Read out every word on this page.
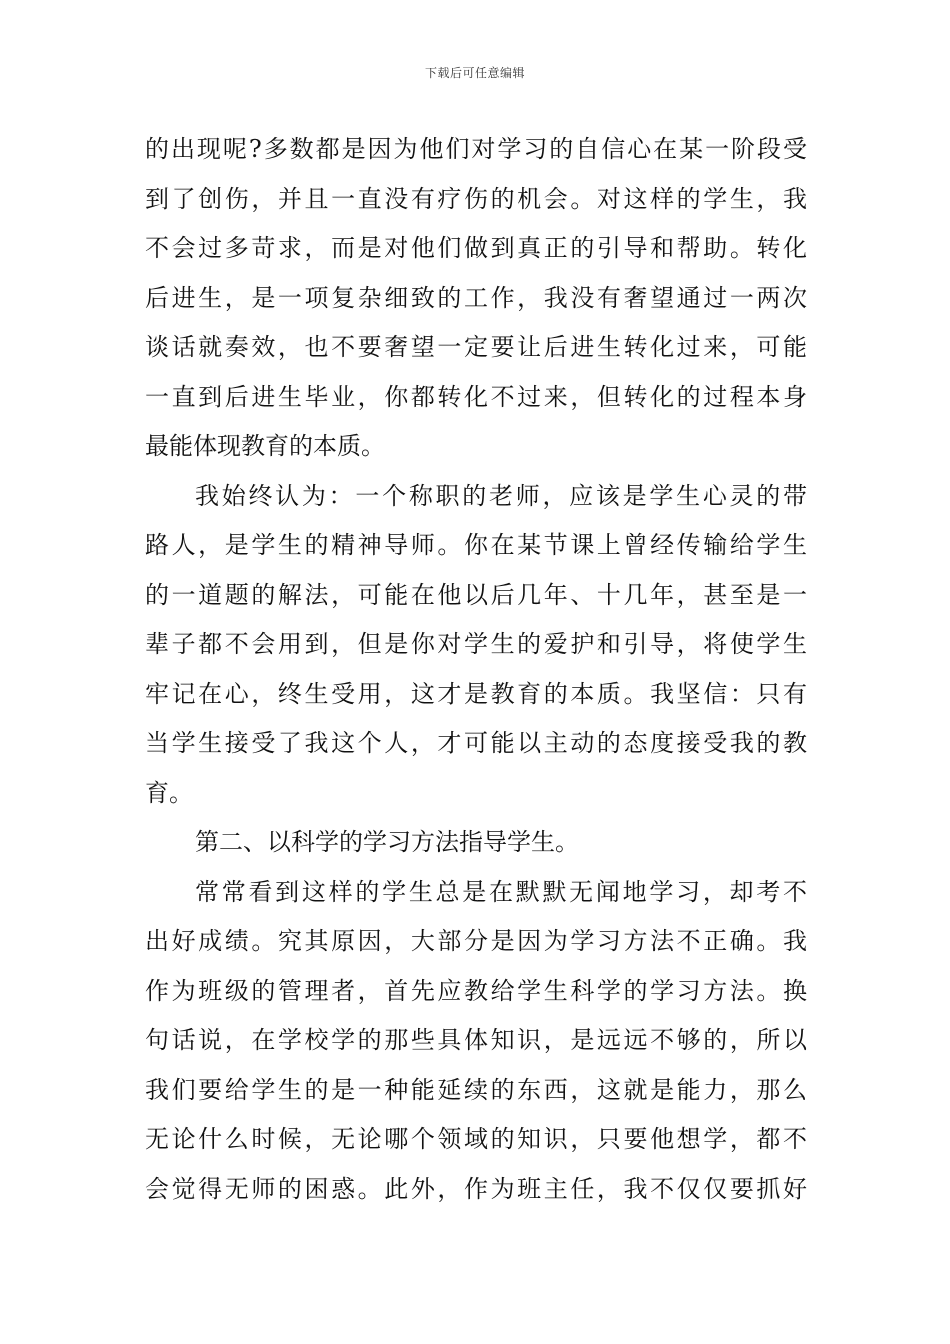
下载后可任意编辑
的出现呢?多数都是因为他们对学习的自信心在某一阶段受
到了创伤，并且一直没有疗伤的机会。对这样的学生，我
不会过多苛求，而是对他们做到真正的引导和帮助。转化
后进生，是一项复杂细致的工作，我没有奢望通过一两次
谈话就奏效，也不要奢望一定要让后进生转化过来，可能
一直到后进生毕业，你都转化不过来，但转化的过程本身
最能体现教育的本质。
我始终认为：一个称职的老师，应该是学生心灵的带
路人，是学生的精神导师。你在某节课上曾经传输给学生
的一道题的解法，可能在他以后几年、十几年，甚至是一
辈子都不会用到，但是你对学生的爱护和引导，将使学生
牢记在心，终生受用，这才是教育的本质。我坚信：只有
当学生接受了我这个人，才可能以主动的态度接受我的教
育。
第二、以科学的学习方法指导学生。
常常看到这样的学生总是在默默无闻地学习，却考不
出好成绩。究其原因，大部分是因为学习方法不正确。我
作为班级的管理者，首先应教给学生科学的学习方法。换
句话说，在学校学的那些具体知识，是远远不够的，所以
我们要给学生的是一种能延续的东西，这就是能力，那么
无论什么时候，无论哪个领域的知识，只要他想学，都不
会觉得无师的困惑。此外，作为班主任，我不仅仅要抓好
